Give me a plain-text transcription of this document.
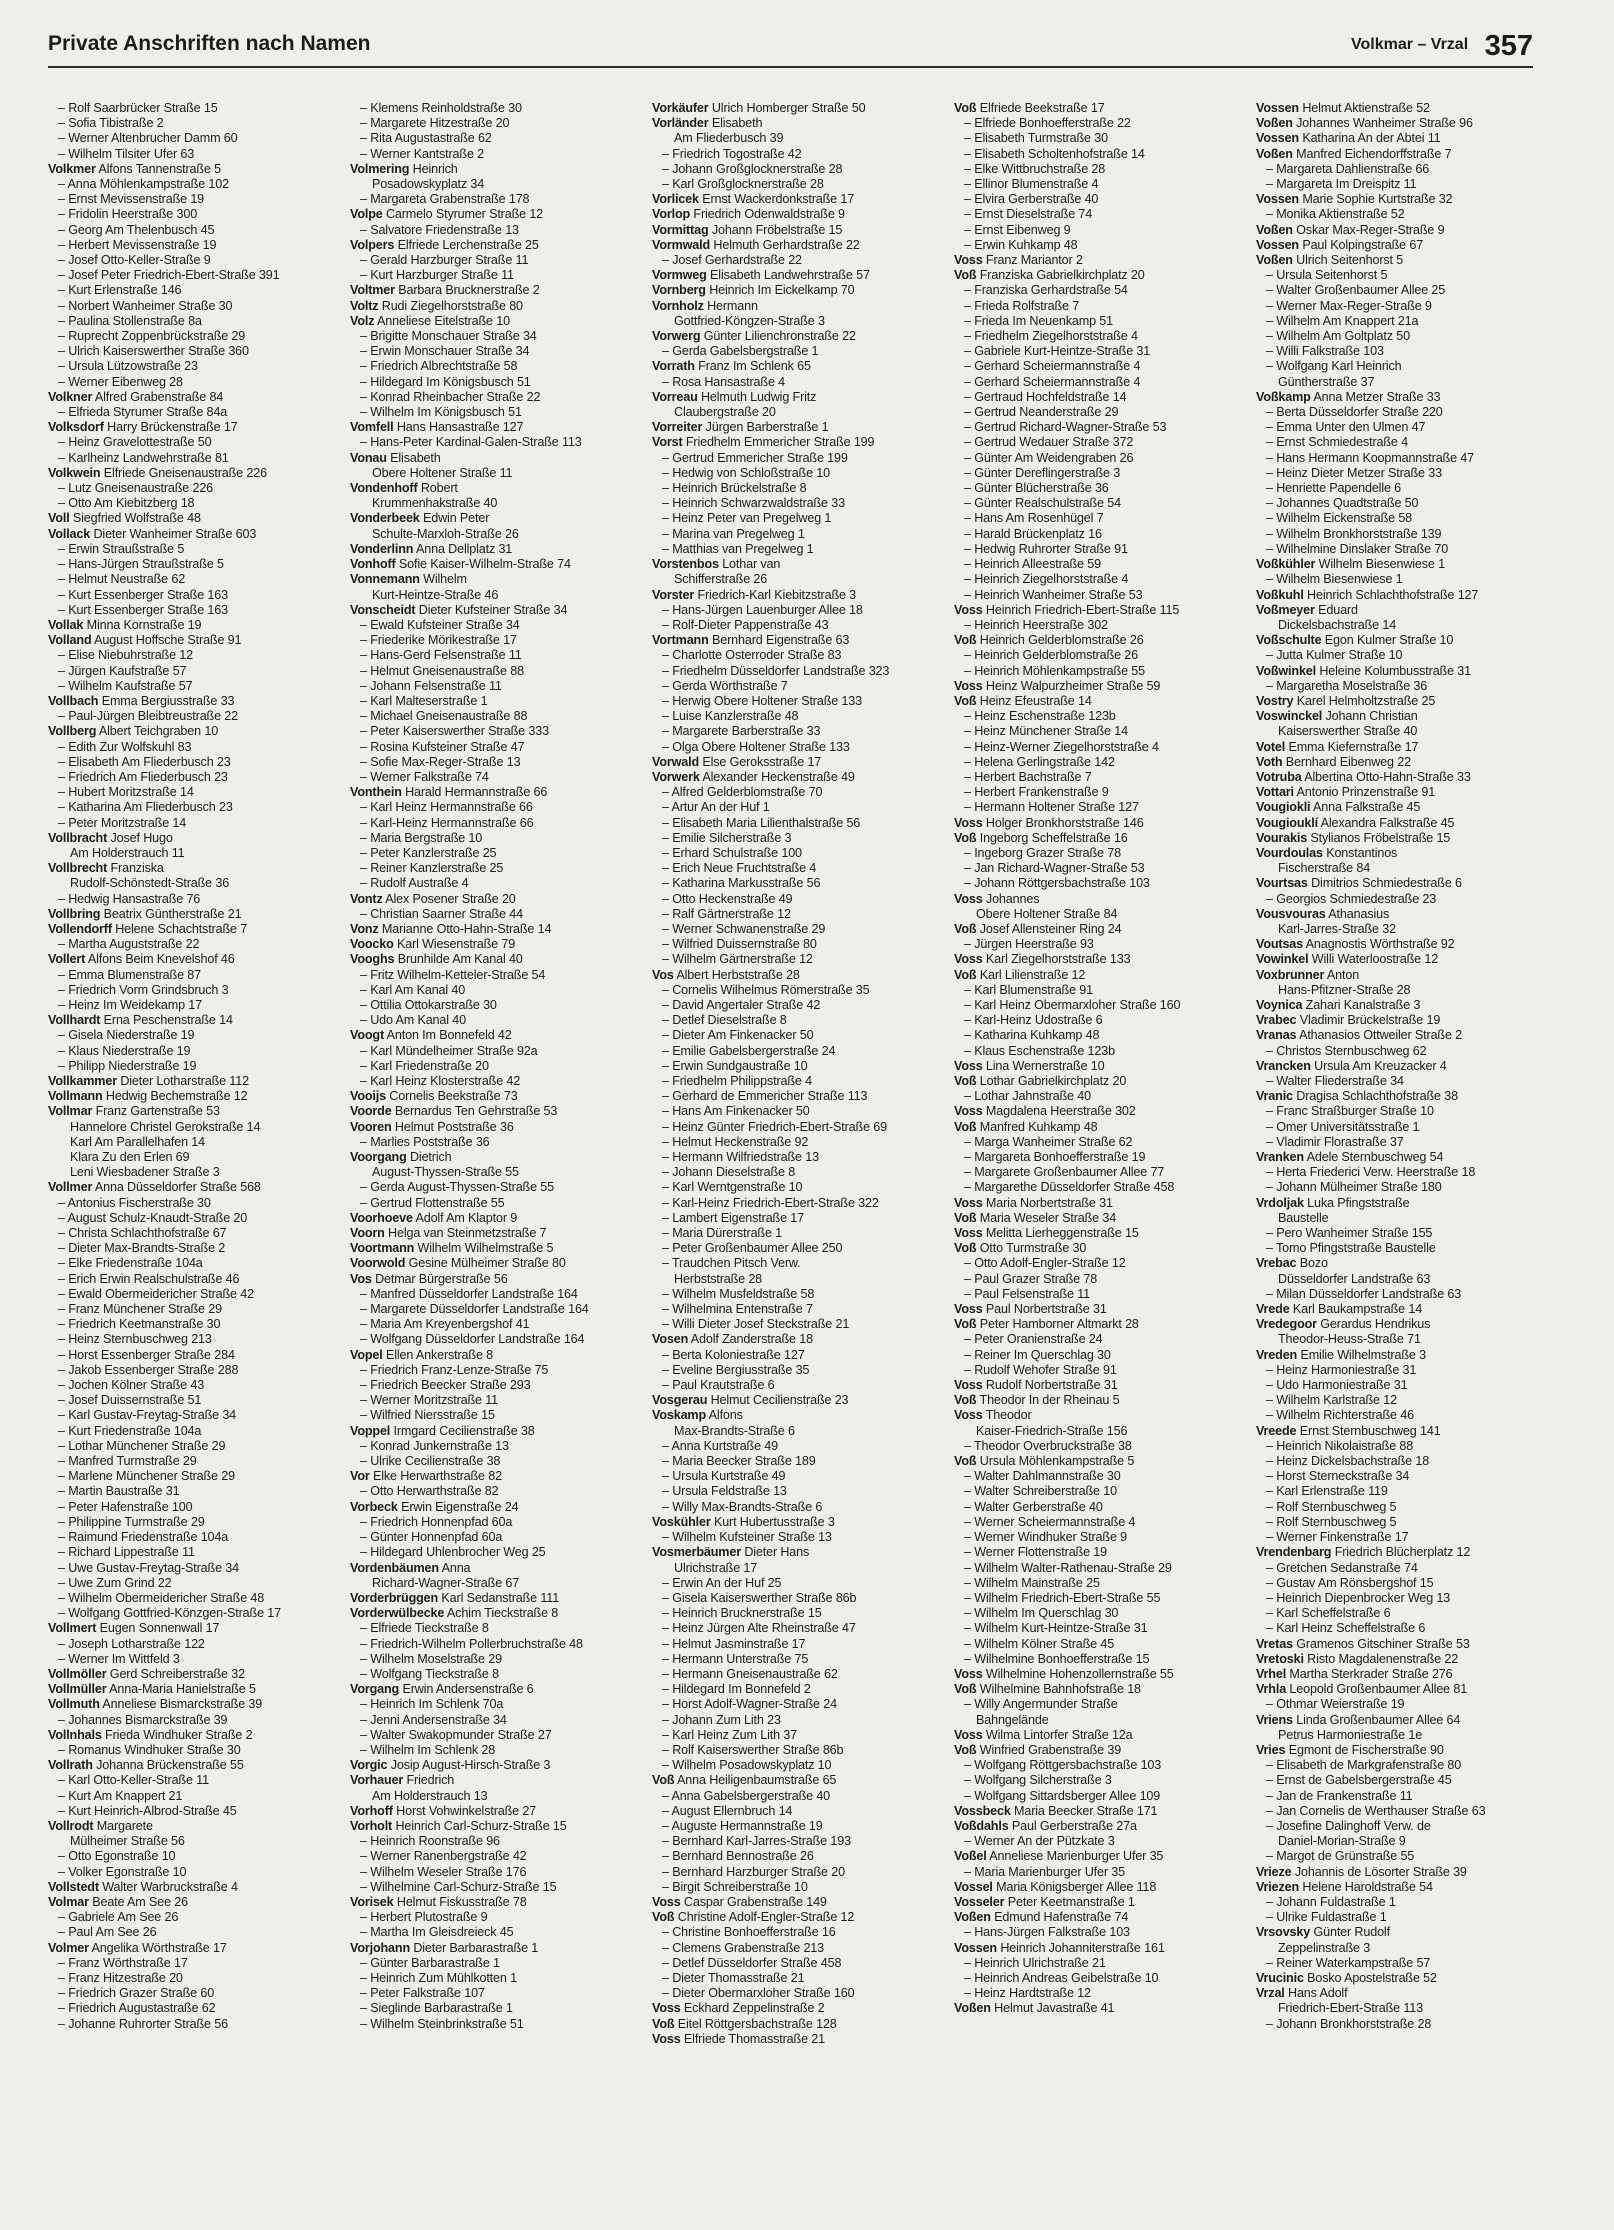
Private Anschriften nach Namen	Volkmar – Vrzal 357
– Rolf Saarbrücker Straße 15
– Sofia Tibistraße 2
– Werner Altenbrucher Damm 60
– Wilhelm Tilsiter Ufer 63
Volkmer Alfons Tannenstraße 5
– Anna Möhlenkampstraße 102
– Ernst Mevissenstraße 19
– Fridolin Heerstraße 300
– Georg Am Thelenbusch 45
– Herbert Mevissenstraße 19
– Josef Otto-Keller-Straße 9
– Josef Peter Friedrich-Ebert-Straße 391
– Kurt Erlenstraße 146
– Norbert Wanheimer Straße 30
– Paulina Stollenstraße 8a
– Ruprecht Zoppenbrückstraße 29
– Ulrich Kaiserswerther Straße 360
– Ursula Lützowstraße 23
– Werner Eibenweg 28
Volkner Alfred Grabenstraße 84
– Elfrieda Styrumer Straße 84a
Volksdorf Harry Brückenstraße 17
– Heinz Gravelottestraße 50
– Karlheinz Landwehrstraße 81
Volkwein Elfriede Gneisenaustraße 226
– Lutz Gneisenaustraße 226
– Otto Am Kiebitzberg 18
Voll Siegfried Wolfstraße 48
Vollack Dieter Wanheimer Straße 603
– Erwin Straußstraße 5
– Hans-Jürgen Straußstraße 5
– Helmut Neustraße 62
– Kurt Essenberger Straße 163
– Kurt Essenberger Straße 163
Vollak Minna Kornstraße 19
Volland August Hoffsche Straße 91
– Elise Niebuhrstraße 12
– Jürgen Kaufstraße 57
– Wilhelm Kaufstraße 57
Vollbach Emma Bergiusstraße 33
– Paul-Jürgen Bleibtreustraße 22
Vollberg Albert Teichgraben 10
– Edith Zur Wolfskuhl 83
– Elisabeth Am Fliederbusch 23
– Friedrich Am Fliederbusch 23
– Hubert Moritzstraße 14
– Katharina Am Fliederbusch 23
– Peter Moritzstraße 14
Vollbracht Josef Hugo
Am Holderstrauch 11
Vollbrecht Franziska
Rudolf-Schönstedt-Straße 36
– Hedwig Hansastraße 76
Vollbring Beatrix Güntherstraße 21
Vollendorff Helene Schachtstraße 7
– Martha Auguststraße 22
Vollert Alfons Beim Knevelshof 46
– Emma Blumenstraße 87
– Friedrich Vorm Grindsbruch 3
– Heinz Im Weidekamp 17
Vollhardt Erna Peschenstraße 14
– Gisela Niederstraße 19
– Klaus Niederstraße 19
– Philipp Niederstraße 19
Vollkammer Dieter Lotharstraße 112
Vollmann Hedwig Bechemstraße 12
Vollmar Franz Gartenstraße 53
Hannelore Christel Gerokstraße 14
Karl Am Parallelhafen 14
Klara Zu den Erlen 69
Leni Wiesbadener Straße 3
Vollmer Anna Düsseldorfer Straße 568
– Antonius Fischerstraße 30
– August Schulz-Knaudt-Straße 20
– Christa Schlachthofstraße 67
– Dieter Max-Brandts-Straße 2
– Elke Friedenstraße 104a
– Erich Erwin Realschulstraße 46
– Ewald Obermeidericher Straße 42
– Franz Münchener Straße 29
– Friedrich Keetmanstraße 30
– Heinz Sternbuschweg 213
– Horst Essenberger Straße 284
– Jakob Essenberger Straße 288
– Jochen Kölner Straße 43
– Josef Duissernstraße 51
– Karl Gustav-Freytag-Straße 34
– Kurt Friedenstraße 104a
– Lothar Münchener Straße 29
– Manfred Turmstraße 29
– Marlene Münchener Straße 29
– Martin Baustraße 31
– Peter Hafenstraße 100
– Philippine Turmstraße 29
– Raimund Friedenstraße 104a
– Richard Lippestraße 11
– Uwe Gustav-Freytag-Straße 34
– Uwe Zum Grind 22
– Wilhelm Obermeidericher Straße 48
– Wolfgang Gottfried-Könzgen-Straße 17
Vollmert Eugen Sonnenwall 17
– Joseph Lotharstraße 122
– Werner Im Wittfeld 3
Vollmöller Gerd Schreiberstraße 32
Vollmüller Anna-Maria Hanielstraße 5
Vollmuth Anneliese Bismarckstraße 39
– Johannes Bismarckstraße 39
Vollnhals Frieda Windhuker Straße 2
– Romanus Windhuker Straße 30
Vollrath Johanna Brückenstraße 55
– Karl Otto-Keller-Straße 11
– Kurt Am Knappert 21
– Kurt Heinrich-Albrod-Straße 45
Vollrodt Margarete
Mülheimer Straße 56
– Otto Egonstraße 10
– Volker Egonstraße 10
Vollstedt Walter Warbruckstraße 4
Volmar Beate Am See 26
– Gabriele Am See 26
– Paul Am See 26
Volmer Angelika Wörthstraße 17
– Franz Wörthstraße 17
– Franz Hitzestraße 20
– Friedrich Grazer Straße 60
– Friedrich Augustastraße 62
– Johanne Ruhrorter Straße 56
– Klemens Reinholdstraße 30
– Margarete Hitzestraße 20
– Rita Augustastraße 62
– Werner Kantstraße 2
Volmering Heinrich
Posadowskyplatz 34
– Margareta Grabenstraße 178
Volpe Carmelo Styrumer Straße 12
– Salvatore Friedenstraße 13
Volpers Elfriede Lerchenstraße 25
– Gerald Harzburger Straße 11
– Kurt Harzburger Straße 11
Voltmer Barbara Brucknerstraße 2
Voltz Rudi Ziegelhorststraße 80
Volz Anneliese Eitelstraße 10
– Brigitte Monschauer Straße 34
– Erwin Monschauer Straße 34
– Friedrich Albrechtstraße 58
– Hildegard Im Königsbusch 51
– Konrad Rheinbacher Straße 22
– Wilhelm Im Königsbusch 51
Vomfell Hans Hansastraße 127
– Hans-Peter Kardinal-Galen-Straße 113
Vonau Elisabeth
Obere Holtener Straße 11
Vondenhoff Robert
Krummenhakstraße 40
Vonderbeek Edwin Peter
Schulte-Marxloh-Straße 26
Vonderlinn Anna Dellplatz 31
Vonhoff Sofie Kaiser-Wilhelm-Straße 74
Vonnemann Wilhelm
Kurt-Heintze-Straße 46
Vonscheidt Dieter Kufsteiner Straße 34
– Ewald Kufsteiner Straße 34
– Friederike Mörikestraße 17
– Hans-Gerd Felsenstraße 11
– Helmut Gneisenaustraße 88
– Johann Felsenstraße 11
– Karl Malteserstraße 1
– Michael Gneisenaustraße 88
– Peter Kaiserswerther Straße 333
– Rosina Kufsteiner Straße 47
– Sofie Max-Reger-Straße 13
– Werner Falkstraße 74
Vonthein Harald Hermannstraße 66
– Karl Heinz Hermannstraße 66
– Karl-Heinz Hermannstraße 66
– Maria Bergstraße 10
– Peter Kanzlerstraße 25
– Reiner Kanzlerstraße 25
– Rudolf Austraße 4
Vontz Alex Posener Straße 20
– Christian Saarner Straße 44
Vonz Marianne Otto-Hahn-Straße 14
Voocko Karl Wiesenstraße 79
Vooghs Brunhilde Am Kanal 40
– Fritz Wilhelm-Ketteler-Straße 54
– Karl Am Kanal 40
– Ottilia Ottokarstraße 30
– Udo Am Kanal 40
Voogt Anton Im Bonnefeld 42
– Karl Mündelheimer Straße 92a
– Karl Friedenstraße 20
– Karl Heinz Klosterstraße 42
Vooijs Cornelis Beekstraße 73
Voorde Bernardus Ten Gehrstraße 53
Vooren Helmut Poststraße 36
– Marlies Poststraße 36
Voorgang Dietrich
August-Thyssen-Straße 55
– Gerda August-Thyssen-Straße 55
– Gertrud Flottenstraße 55
Voorhoeve Adolf Am Klaptor 9
Voorn Helga van Steinmetzstraße 7
Voortmann Wilhelm Wilhelmstraße 5
Voorwold Gesine Mülheimer Straße 80
Vos Detmar Bürgerstraße 56
– Manfred Düsseldorfer Landstraße 164
– Margarete Düsseldorfer Landstraße 164
– Maria Am Kreyenbergshof 41
– Wolfgang Düsseldorfer Landstraße 164
Vopel Ellen Ankerstraße 8
– Friedrich Franz-Lenze-Straße 75
– Friedrich Beecker Straße 293
– Werner Moritzstraße 11
– Wilfried Niersstraße 15
Voppel Irmgard Cecilienstraße 38
– Konrad Junkernstraße 13
– Ulrike Cecilienstraße 38
Vor Elke Herwarthstraße 82
– Otto Herwarthstraße 82
Vorbeck Erwin Eigenstraße 24
– Friedrich Honnenpfad 60a
– Günter Honnenpfad 60a
– Hildegard Uhlenbrocher Weg 25
Vordenbäumen Anna
Richard-Wagner-Straße 67
Vorderbrüggen Karl Sedanstraße 111
Vorderwülbecke Achim Tieckstraße 8
– Elfriede Tieckstraße 8
– Friedrich-Wilhelm Pollerbruchstraße 48
– Wilhelm Moselstraße 29
– Wolfgang Tieckstraße 8
Vorgang Erwin Andersenstraße 6
– Heinrich Im Schlenk 70a
– Jenni Andersenstraße 34
– Walter Swakopmunder Straße 27
– Wilhelm Im Schlenk 28
Vorgic Josip August-Hirsch-Straße 3
Vorhauer Friedrich
Am Holderstrauch 13
Vorhoff Horst Vohwinkelstraße 27
Vorholt Heinrich Carl-Schurz-Straße 15
– Heinrich Roonstraße 96
– Werner Ranenbergstraße 42
– Wilhelm Weseler Straße 176
– Wilhelmine Carl-Schurz-Straße 15
Vorisek Helmut Fiskusstraße 78
– Herbert Plutostraße 9
– Martha Im Gleisdreieck 45
Vorjohann Dieter Barbarastraße 1
– Günter Barbarastraße 1
– Heinrich Zum Mühlkotten 1
– Peter Falkstraße 107
– Sieglinde Barbarastraße 1
– Wilhelm Steinbrinkstraße 51
Vorkäufer Ulrich Homberger Straße 50
Vorländer Elisabeth
Am Fliederbusch 39
– Friedrich Togostraße 42
– Johann Großglocknerstraße 28
– Karl Großglocknerstraße 28
Vorlicek Ernst Wackerdonkstraße 17
Vorlop Friedrich Odenwaldstraße 9
Vormittag Johann Fröbelstraße 15
Vormwald Helmuth Gerhardstraße 22
– Josef Gerhardstraße 22
Vormweg Elisabeth Landwehrstraße 57
Vornberg Heinrich Im Eickelkamp 70
Vornholz Hermann
Gottfried-Köngzen-Straße 3
Vorwerg Günter Lilienchronstraße 22
– Gerda Gabelsbergstraße 1
Vorrath Franz Im Schlenk 65
– Rosa Hansastraße 4
Vorreau Helmuth Ludwig Fritz
Claubergstraße 20
Vorreiter Jürgen Barberstraße 1
Vorst Friedhelm Emmericher Straße 199
– Gertrud Emmericher Straße 199
– Hedwig von Schloßstraße 10
– Heinrich Brückelstraße 8
– Heinrich Schwarzwaldstraße 33
– Heinz Peter van Pregelweg 1
– Marina van Pregelweg 1
– Matthias van Pregelweg 1
Vorstenbos Lothar van
Schifferstraße 26
Vorster Friedrich-Karl Kiebitzstraße 3
– Hans-Jürgen Lauenburger Allee 18
– Rolf-Dieter Pappenstraße 43
Vortmann Bernhard Eigenstraße 63
– Charlotte Osterroder Straße 83
– Friedhelm Düsseldorfer Landstraße 323
– Gerda Wörthstraße 7
– Herwig Obere Holtener Straße 133
– Luise Kanzlerstraße 48
– Margarete Barberstraße 33
– Olga Obere Holtener Straße 133
Vorwald Else Geroksstraße 17
Vorwerk Alexander Heckenstraße 49
– Alfred Gelderblomstraße 70
– Artur An der Huf 1
– Elisabeth Maria Lilienthalstraße 56
– Emilie Silcherstraße 3
– Erhard Schulstraße 100
– Erich Neue Fruchtstraße 4
– Katharina Markusstraße 56
– Otto Heckenstraße 49
– Ralf Gärtnerstraße 12
– Werner Schwanenstraße 29
– Wilfried Duissernstraße 80
– Wilhelm Gärtnerstraße 12
Vos Albert Herbststraße 28
– Cornelis Wilhelmus Römerstraße 35
– David Angertaler Straße 42
– Detlef Dieselstraße 8
– Dieter Am Finkenacker 50
– Emilie Gabelsbergerstraße 24
– Erwin Sundgaustraße 10
– Friedhelm Philippstraße 4
– Gerhard de Emmericher Straße 113
– Hans Am Finkenacker 50
– Heinz Günter Friedrich-Ebert-Straße 69
– Helmut Heckenstraße 92
– Hermann Wilfriedstraße 13
– Johann Dieselstraße 8
– Karl Werntgenstraße 10
– Karl-Heinz Friedrich-Ebert-Straße 322
– Lambert Eigenstraße 17
– Maria Dürerstraße 1
– Peter Großenbaumer Allee 250
– Traudchen Pitsch Verw.
Herbststraße 28
– Wilhelm Musfeldstraße 58
– Wilhelmina Entenstraße 7
– Willi Dieter Josef Steckstraße 21
Vosen Adolf Zanderstraße 18
– Berta Koloniestraße 127
– Eveline Bergiusstraße 35
– Paul Krautstraße 6
Vosgerau Helmut Cecilienstraße 23
Voskamp Alfons
Max-Brandts-Straße 6
– Anna Kurtstraße 49
– Maria Beecker Straße 189
– Ursula Kurtstraße 49
– Ursula Feldstraße 13
– Willy Max-Brandts-Straße 6
Voskühler Kurt Hubertusstraße 3
– Wilhelm Kufsteiner Straße 13
Vosmerbäumer Dieter Hans
Ulrichstraße 17
– Erwin An der Huf 25
– Gisela Kaiserswerther Straße 86b
– Heinrich Brucknerstraße 15
– Heinz Jürgen Alte Rheinstraße 47
– Helmut Jasminstraße 17
– Hermann Unterstraße 75
– Hermann Gneisenaustraße 62
– Hildegard Im Bonnefeld 2
– Horst Adolf-Wagner-Straße 24
– Johann Zum Lith 23
– Karl Heinz Zum Lith 37
– Rolf Kaiserswerther Straße 86b
– Wilhelm Posadowskyplatz 10
Voß Anna Heiligenbaumstraße 65
– Anna Gabelsbergerstraße 40
– August Ellernbruch 14
– Auguste Hermannstraße 19
– Bernhard Karl-Jarres-Straße 193
– Bernhard Bennostraße 26
– Bernhard Harzburger Straße 20
– Birgit Schreiberstraße 10
Voss Caspar Grabenstraße 149
Voß Christine Adolf-Engler-Straße 12
– Christine Bonhoefferstraße 16
– Clemens Grabenstraße 213
– Detlef Düsseldorfer Straße 458
– Dieter Thomasstraße 21
– Dieter Obermarxloher Straße 160
Voss Eckhard Zeppelinstraße 2
Voß Eitel Röttgersbachstraße 128
Voss Elfriede Thomasstraße 21
Voß Elfriede Beekstraße 17
– Elfriede Bonhoefferstraße 22
– Elisabeth Turmstraße 30
– Elisabeth Scholtenhofstraße 14
– Elke Wittbruchstraße 28
– Ellinor Blumenstraße 4
– Elvira Gerberstraße 40
– Ernst Dieselstraße 74
– Ernst Eibenweg 9
– Erwin Kuhkamp 48
Voss Franz Mariantor 2
Voß Franziska Gabrielkirchplatz 20
– Franziska Gerhardstraße 54
– Frieda Rolfstraße 7
– Frieda Im Neuenkamp 51
– Friedhelm Ziegelhorststraße 4
– Gabriele Kurt-Heintze-Straße 31
– Gerhard Scheiermannstraße 4
– Gerhard Scheiermannstraße 4
– Gertraud Hochfeldstraße 14
– Gertrud Neanderstraße 29
– Gertrud Richard-Wagner-Straße 53
– Gertrud Wedauer Straße 372
– Günter Am Weidengraben 26
– Günter Dereflingerstraße 3
– Günter Blücherstraße 36
– Günter Realschulstraße 54
– Hans Am Rosenhügel 7
– Harald Brückenplatz 16
– Hedwig Ruhrorter Straße 91
– Heinrich Alleestraße 59
– Heinrich Ziegelhorststraße 4
– Heinrich Wanheimer Straße 53
Voss Heinrich Friedrich-Ebert-Straße 115
– Heinrich Heerstraße 302
Voß Heinrich Gelderblomstraße 26
– Heinrich Gelderblomstraße 26
– Heinrich Möhlenkampstraße 55
Voss Heinz Walpurzheimer Straße 59
Voß Heinz Efeustraße 14
– Heinz Eschenstraße 123b
– Heinz Münchener Straße 14
– Heinz-Werner Ziegelhorststraße 4
– Helena Gerlingstraße 142
– Herbert Bachstraße 7
– Herbert Frankenstraße 9
– Hermann Holtener Straße 127
Voss Holger Bronkhorststraße 146
Voß Ingeborg Scheffelstraße 16
– Ingeborg Grazer Straße 78
– Jan Richard-Wagner-Straße 53
– Johann Röttgersbachstraße 103
Voss Johannes
Obere Holtener Straße 84
Voß Josef Allensteiner Ring 24
– Jürgen Heerstraße 93
Voss Karl Ziegelhorststraße 133
Voß Karl Lilienstraße 12
– Karl Blumenstraße 91
– Karl Heinz Obermarxloher Straße 160
– Karl-Heinz Udostraße 6
– Katharina Kuhkamp 48
– Klaus Eschenstraße 123b
Voss Lina Wernerstraße 10
Voß Lothar Gabrielkirchplatz 20
– Lothar Jahnstraße 40
Voss Magdalena Heerstraße 302
Voß Manfred Kuhkamp 48
– Marga Wanheimer Straße 62
– Margareta Bonhoefferstraße 19
– Margarete Großenbaumer Allee 77
– Margarethe Düsseldorfer Straße 458
Voss Maria Norbertstraße 31
Voß Maria Weseler Straße 34
Voss Melitta Lierheggenstraße 15
Voß Otto Turmstraße 30
– Otto Adolf-Engler-Straße 12
– Paul Grazer Straße 78
– Paul Felsenstraße 11
Voss Paul Norbertstraße 31
Voß Peter Hamborner Altmarkt 28
– Peter Oranienstraße 24
– Reiner Im Querschlag 30
– Rudolf Wehofer Straße 91
Voss Rudolf Norbertstraße 31
Voß Theodor In der Rheinau 5
Voss Theodor
Kaiser-Friedrich-Straße 156
– Theodor Overbruckstraße 38
Voß Ursula Möhlenkampstraße 5
– Walter Dahlmannstraße 30
– Walter Schreiberstraße 10
– Walter Gerberstraße 40
– Werner Scheiermannstraße 4
– Werner Windhuker Straße 9
– Werner Flottenstraße 19
– Wilhelm Walter-Rathenau-Straße 29
– Wilhelm Mainstraße 25
– Wilhelm Friedrich-Ebert-Straße 55
– Wilhelm Im Querschlag 30
– Wilhelm Kurt-Heintze-Straße 31
– Wilhelm Kölner Straße 45
– Wilhelmine Bonhoefferstraße 15
Voss Wilhelmine Hohenzollernstraße 55
Voß Wilhelmine Bahnhofstraße 18
– Willy Angermunder Straße
Bahngelände
Voss Wilma Lintorfer Straße 12a
Voß Winfried Grabenstraße 39
– Wolfgang Röttgersbachstraße 103
– Wolfgang Silcherstraße 3
– Wolfgang Sittardsberger Allee 109
Vossbeck Maria Beecker Straße 171
Voßdahls Paul Gerberstraße 27a
– Werner An der Pützkate 3
Voßel Anneliese Marienburger Ufer 35
– Maria Marienburger Ufer 35
Vossel Maria Königsberger Allee 118
Vosseler Peter Keetmanstraße 1
Voßen Edmund Hafenstraße 74
– Hans-Jürgen Falkstraße 103
Vossen Heinrich Johanniterstraße 161
– Heinrich Ulrichstraße 21
– Heinrich Andreas Geibelstraße 10
– Heinz Hardtstraße 12
Voßen Helmut Javastraße 41
Vossen Helmut Aktienstraße 52
Voßen Johannes Wanheimer Straße 96
Vossen Katharina An der Abtei 11
Voßen Manfred Eichendorffstraße 7
– Margareta Dahlienstraße 66
– Margareta Im Dreispitz 11
Vossen Marie Sophie Kurtstraße 32
– Monika Aktienstraße 52
Voßen Oskar Max-Reger-Straße 9
Vossen Paul Kolpingstraße 67
Voßen Ulrich Seitenhorst 5
– Ursula Seitenhorst 5
– Walter Großenbaumer Allee 25
– Werner Max-Reger-Straße 9
– Wilhelm Am Knappert 21a
– Wilhelm Am Goltplatz 50
– Willi Falkstraße 103
– Wolfgang Karl Heinrich
Güntherstraße 37
Voßkamp Anna Metzer Straße 33
– Berta Düsseldorfer Straße 220
– Emma Unter den Ulmen 47
– Ernst Schmiedestraße 4
– Hans Hermann Koopmannstraße 47
– Heinz Dieter Metzer Straße 33
– Henriette Papendelle 6
– Johannes Quadtstraße 50
– Wilhelm Eickenstraße 58
– Wilhelm Bronkhorststraße 139
– Wilhelmine Dinslaker Straße 70
Voßkühler Wilhelm Biesenwiese 1
– Wilhelm Biesenwiese 1
Voßkuhl Heinrich Schlachthofstraße 127
Voßmeyer Eduard
Dickelsbachstraße 14
Voßschulte Egon Kulmer Straße 10
– Jutta Kulmer Straße 10
Voßwinkel Heleine Kolumbusstraße 31
– Margaretha Moselstraße 36
Vostry Karel Helmholtzstraße 25
Voswinckel Johann Christian
Kaiserswerther Straße 40
Votel Emma Kiefernstraße 17
Voth Bernhard Eibenweg 22
Votruba Albertina Otto-Hahn-Straße 33
Vottari Antonio Prinzenstraße 91
Vougiokli Anna Falkstraße 45
Vougiouklí Alexandra Falkstraße 45
Vourakis Stylianos Fröbelstraße 15
Vourdoulas Konstantinos
Fischerstraße 84
Vourtsas Dimitrios Schmiedestraße 6
– Georgios Schmiedestraße 23
Vousvouras Athanasius
Karl-Jarres-Straße 32
Voutsas Anagnostis Wörthstraße 92
Vowinkel Willi Waterloostraße 12
Voxbrunner Anton
Hans-Pfitzner-Straße 28
Voynica Zahari Kanalstraße 3
Vrabec Vladimir Brückelstraße 19
Vranas Athanasios Ottweiler Straße 2
– Christos Sternbuschweg 62
Vrancken Ursula Am Kreuzacker 4
– Walter Fliederstraße 34
Vranic Dragisa Schlachthofstraße 38
– Franc Straßburger Straße 10
– Omer Universitätsstraße 1
– Vladimir Florastraße 37
Vranken Adele Sternbuschweg 54
– Herta Friederici Verw. Heerstraße 18
– Johann Mülheimer Straße 180
Vrdoljak Luka Pfingststraße
Baustelle
– Pero Wanheimer Straße 155
– Tomo Pfingststraße Baustelle
Vrebac Bozo
Düsseldorfer Landstraße 63
– Milan Düsseldorfer Landstraße 63
Vrede Karl Baukampstraße 14
Vredegoor Gerardus Hendrikus
Theodor-Heuss-Straße 71
Vreden Emilie Wilhelmstraße 3
– Heinz Harmoniestraße 31
– Udo Harmoniestraße 31
– Wilhelm Karlstraße 12
– Wilhelm Richterstraße 46
Vreede Ernst Sternbuschweg 141
– Heinrich Nikolaistraße 88
– Heinz Dickelsbachstraße 18
– Horst Sterneckstraße 34
– Karl Erlenstraße 119
– Rolf Sternbuschweg 5
– Rolf Sternbuschweg 5
– Werner Finkenstraße 17
Vrendenbarg Friedrich Blücherplatz 12
– Gretchen Sedanstraße 74
– Gustav Am Rönsbergshof 15
– Heinrich Diepenbrocker Weg 13
– Karl Scheffelstraße 6
– Karl Heinz Scheffelstraße 6
Vretas Gramenos Gitschiner Straße 53
Vretoski Risto Magdalenenstraße 22
Vrhel Martha Sterkrader Straße 276
Vrhla Leopold Großenbaumer Allee 81
– Othmar Weierstraße 19
Vriens Linda Großenbaumer Allee 64
Petrus Harmoniestraße 1e
Vries Egmont de Fischerstraße 90
– Elisabeth de Markgrafenstraße 80
– Ernst de Gabelsbergerstraße 45
– Jan de Frankenstraße 11
– Jan Cornelis de Werthauser Straße 63
– Josefine Dalinghoff Verw. de
Daniel-Morian-Straße 9
– Margot de Grünstraße 55
Vrieze Johannis de Lösorter Straße 39
Vriezen Helene Haroldstraße 54
– Johann Fuldastraße 1
– Ulrike Fuldastraße 1
Vrsovsky Günter Rudolf
Zeppelinstraße 3
– Reiner Waterkampstraße 57
Vrucinic Bosko Apostelstraße 52
Vrzal Hans Adolf
Friedrich-Ebert-Straße 113
– Johann Bronkhorststraße 28
